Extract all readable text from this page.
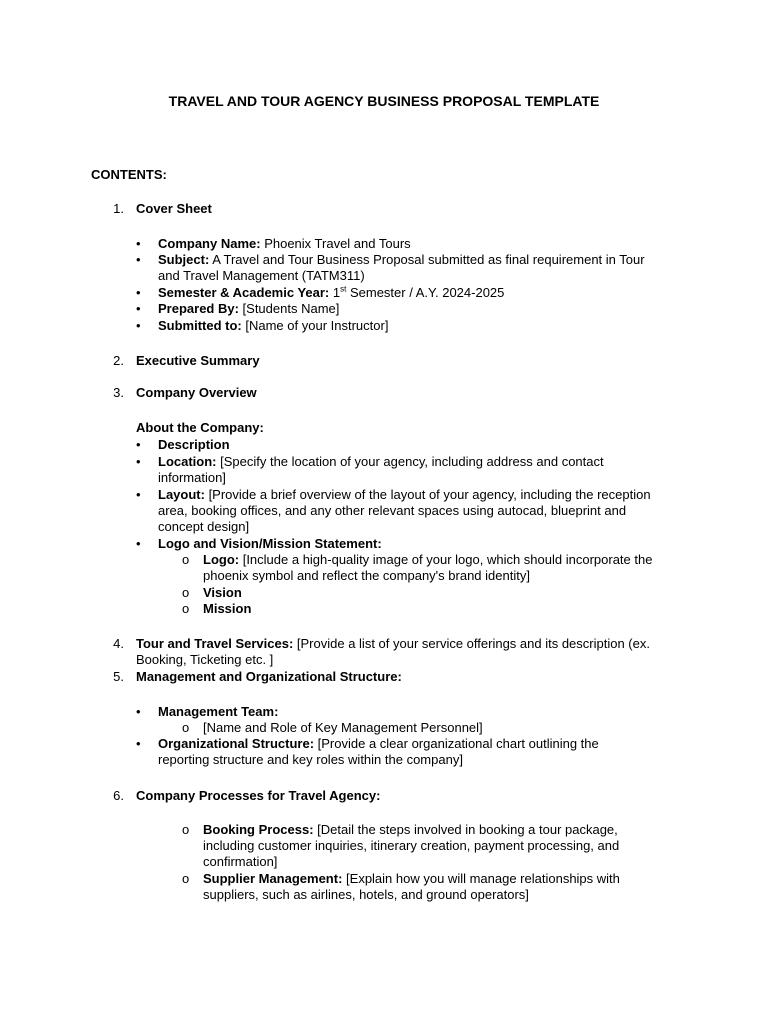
TRAVEL AND TOUR AGENCY BUSINESS PROPOSAL TEMPLATE
CONTENTS:
1. Cover Sheet
• Company Name: Phoenix Travel and Tours
• Subject: A Travel and Tour Business Proposal submitted as final requirement in Tour
and Travel Management (TATM311)
• Semester & Academic Year: 1st Semester / A.Y. 2024-2025
• Prepared By: [Students Name]
• Submitted to: [Name of your Instructor]
2. Executive Summary
3. Company Overview
About the Company:
• Description
• Location: [Specify the location of your agency, including address and contact
information]
• Layout: [Provide a brief overview of the layout of your agency, including the reception
area, booking offices, and any other relevant spaces using autocad, blueprint and
concept design]
• Logo and Vision/Mission Statement:
o Logo: [Include a high-quality image of your logo, which should incorporate the
phoenix symbol and reflect the company's brand identity]
o Vision
o Mission
4. Tour and Travel Services: [Provide a list of your service offerings and its description (ex.
Booking, Ticketing etc. ]
5. Management and Organizational Structure:
• Management Team:
o [Name and Role of Key Management Personnel]
• Organizational Structure: [Provide a clear organizational chart outlining the
reporting structure and key roles within the company]
6. Company Processes for Travel Agency:
o Booking Process: [Detail the steps involved in booking a tour package,
including customer inquiries, itinerary creation, payment processing, and
confirmation]
o Supplier Management: [Explain how you will manage relationships with
suppliers, such as airlines, hotels, and ground operators]
